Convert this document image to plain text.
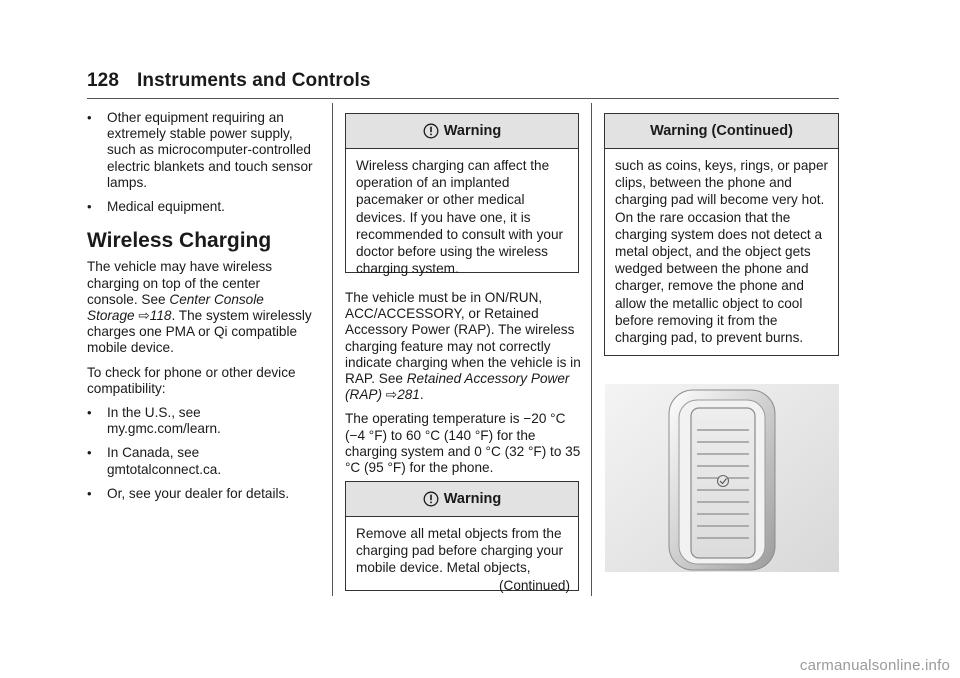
128 Instruments and Controls
• Other equipment requiring an extremely stable power supply, such as microcomputer-controlled electric blankets and touch sensor lamps.
• Medical equipment.
Wireless Charging
The vehicle may have wireless charging on top of the center console. See Center Console Storage ⇨118. The system wirelessly charges one PMA or Qi compatible mobile device.
To check for phone or other device compatibility:
• In the U.S., see my.gmc.com/learn.
• In Canada, see gmtotalconnect.ca.
• Or, see your dealer for details.
Warning
Wireless charging can affect the operation of an implanted pacemaker or other medical devices. If you have one, it is recommended to consult with your doctor before using the wireless charging system.
The vehicle must be in ON/RUN, ACC/ACCESSORY, or Retained Accessory Power (RAP). The wireless charging feature may not correctly indicate charging when the vehicle is in RAP. See Retained Accessory Power (RAP) ⇨281.
The operating temperature is −20 °C (−4 °F) to 60 °C (140 °F) for the charging system and 0 °C (32 °F) to 35 °C (95 °F) for the phone.
Warning
Remove all metal objects from the charging pad before charging your mobile device. Metal objects,
(Continued)
Warning (Continued)
such as coins, keys, rings, or paper clips, between the phone and charging pad will become very hot. On the rare occasion that the charging system does not detect a metal object, and the object gets wedged between the phone and charger, remove the phone and allow the metallic object to cool before removing it from the charging pad, to prevent burns.
carmanualsonline.info
